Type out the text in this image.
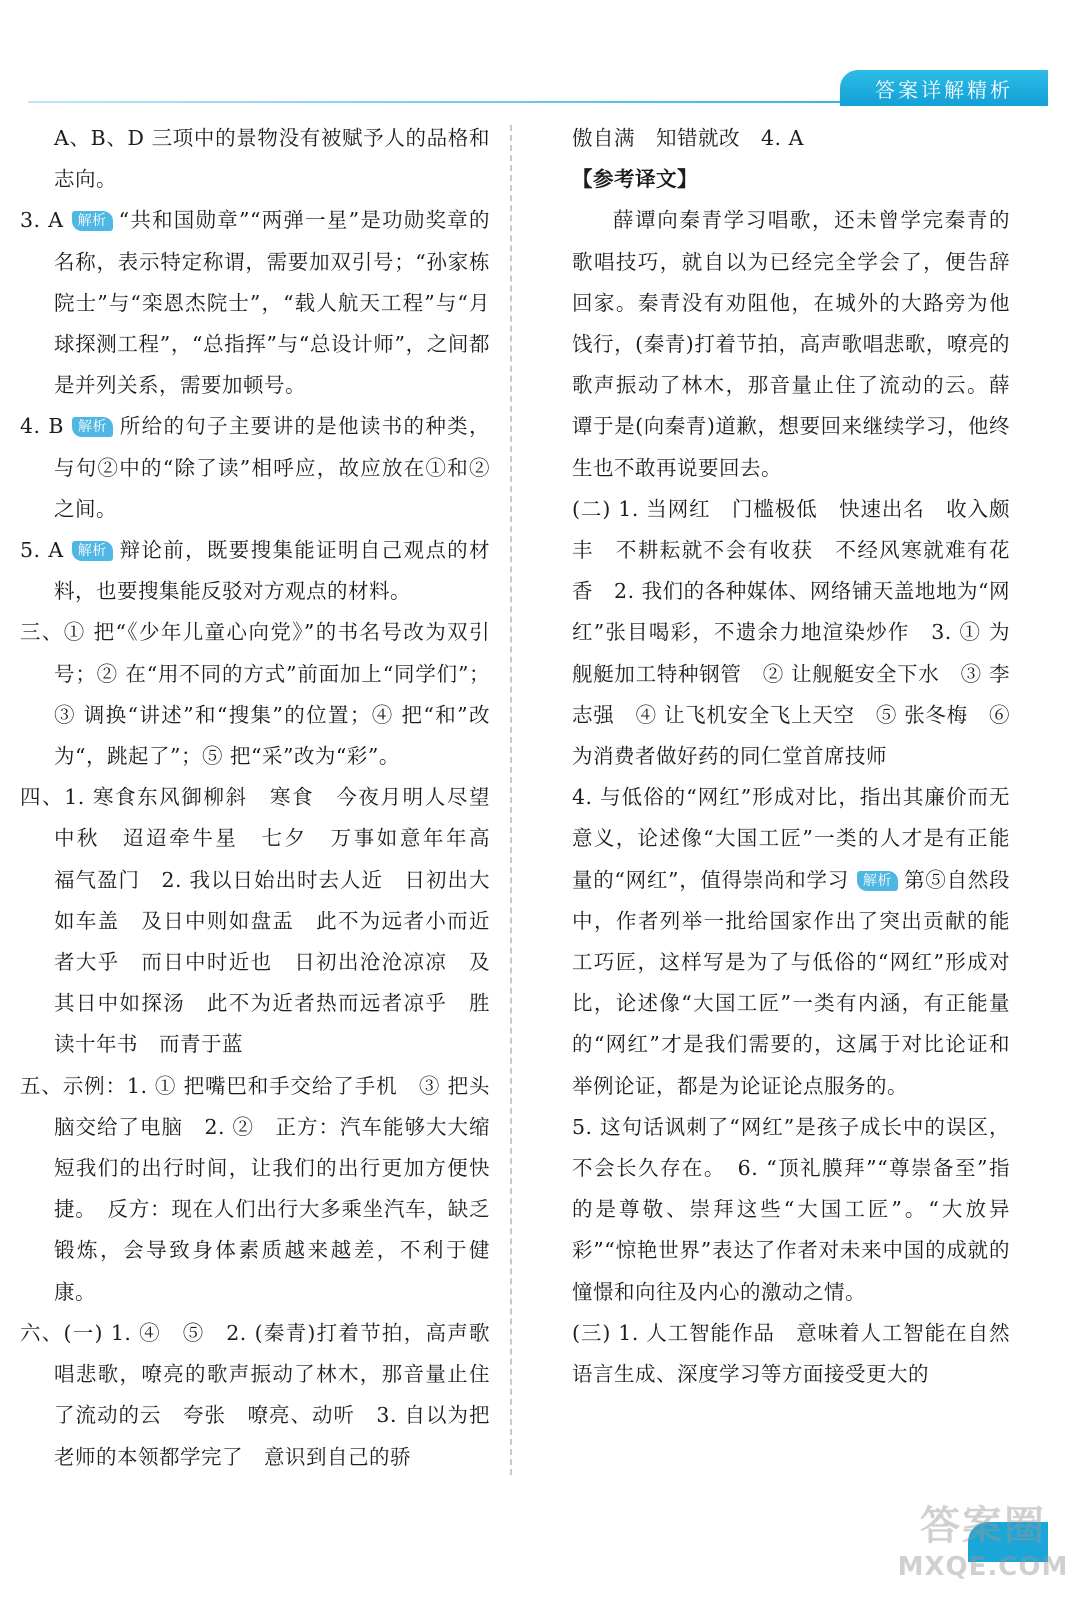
答案详解精析

A、B、D 三项中的景物没有被赋予人的品格和志向。

3. A 解析 “共和国勋章”“两弹一星”是功勋奖章的名称，表示特定称谓，需要加双引号；“孙家栋院士”与“栾恩杰院士”，“载人航天工程”与“月球探测工程”，“总指挥”与“总设计师”，之间都是并列关系，需要加顿号。

4. B 解析 所给的句子主要讲的是他读书的种类，与句②中的“除了读”相呼应，故应放在①和②之间。

5. A 解析 辩论前，既要搜集能证明自己观点的材料，也要搜集能反驳对方观点的材料。

三、① 把“《少年儿童心向党》”的书名号改为双引号；② 在“用不同的方式”前面加上“同学们”；③ 调换“讲述”和“搜集”的位置；④ 把“和”改为“，跳起了”；⑤ 把“采”改为“彩”。

四、1. 寒食东风御柳斜　寒食　今夜月明人尽望　中秋　迢迢牵牛星　七夕　万事如意年年高　福气盈门　2. 我以日始出时去人近　日初出大如车盖　及日中则如盘盂　此不为远者小而近者大乎　而日中时近也　日初出沧沧凉凉　及其日中如探汤　此不为近者热而远者凉乎　胜读十年书　而青于蓝

五、示例：1. ① 把嘴巴和手交给了手机　③ 把头脑交给了电脑　2. ②　正方：汽车能够大大缩短我们的出行时间，让我们的出行更加方便快捷。　反方：现在人们出行大多乘坐汽车，缺乏锻炼，会导致身体素质越来越差，不利于健康。

六、(一) 1. ④　⑤　2. (秦青)打着节拍，高声歌唱悲歌，嘹亮的歌声振动了林木，那音量止住了流动的云　夸张　嘹亮、动听　3. 自以为把老师的本领都学完了　意识到自己的骄

傲自满　知错就改　4. A

【参考译文】

薛谭向秦青学习唱歌，还未曾学完秦青的歌唱技巧，就自以为已经完全学会了，便告辞回家。秦青没有劝阻他，在城外的大路旁为他饯行，(秦青)打着节拍，高声歌唱悲歌，嘹亮的歌声振动了林木，那音量止住了流动的云。薛谭于是(向秦青)道歉，想要回来继续学习，他终生也不敢再说要回去。

(二) 1. 当网红　门槛极低　快速出名　收入颇丰　不耕耘就不会有收获　不经风寒就难有花香　2. 我们的各种媒体、网络铺天盖地地为“网红”张目喝彩，不遗余力地渲染炒作　3. ① 为舰艇加工特种钢管　② 让舰艇安全下水　③ 李志强　④ 让飞机安全飞上天空　⑤ 张冬梅　⑥ 为消费者做好药的同仁堂首席技师

4. 与低俗的“网红”形成对比，指出其廉价而无意义，论述像“大国工匠”一类的人才是有正能量的“网红”，值得崇尚和学习 解析 第⑤自然段中，作者列举一批给国家作出了突出贡献的能工巧匠，这样写是为了与低俗的“网红”形成对比，论述像“大国工匠”一类有内涵，有正能量的“网红”才是我们需要的，这属于对比论证和举例论证，都是为论证论点服务的。

5. 这句话讽刺了“网红”是孩子成长中的误区，不会长久存在。　6. “顶礼膜拜”“尊崇备至”指的是尊敬、崇拜这些“大国工匠”。“大放异彩”“惊艳世界”表达了作者对未来中国的成就的憧憬和向往及内心的激动之情。

(三) 1. 人工智能作品　意味着人工智能在自然语言生成、深度学习等方面接受更大的

答案圈
MXQE.COM
